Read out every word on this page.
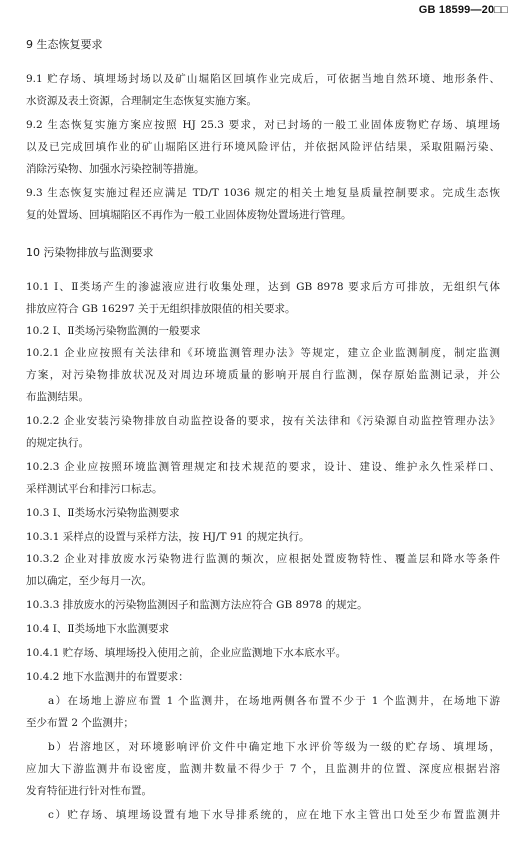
GB 18599—20□□
9 生态恢复要求
9.1 贮存场、填埋场封场以及矿山堀陷区回填作业完成后，可依据当地自然环境、地形条件、
水资源及表土资源，合理制定生态恢复实施方案。
9.2 生态恢复实施方案应按照 HJ 25.3 要求，对已封场的一般工业固体废物贮存场、填埋场
以及已完成回填作业的矿山堀陷区进行环境风险评估，并依据风险评估结果，采取阻隔污染、
消除污染物、加强水污染控制等措施。
9.3 生态恢复实施过程还应满足 TD/T 1036 规定的相关土地复垦质量控制要求。完成生态恢
复的处置场、回填堀陷区不再作为一般工业固体废物处置场进行管理。
10 污染物排放与监测要求
10.1 Ⅰ、Ⅱ类场产生的渗滤液应进行收集处理，达到 GB 8978 要求后方可排放，无组织气体
排放应符合 GB 16297 关于无组织排放限值的相关要求。
10.2 Ⅰ、Ⅱ类场污染物监测的一般要求
10.2.1 企业应按照有关法律和《环境监测管理办法》等规定，建立企业监测制度，制定监测
方案，对污染物排放状况及对周边环境质量的影响开展自行监测，保存原始监测记录，并公
布监测结果。
10.2.2 企业安装污染物排放自动监控设备的要求，按有关法律和《污染源自动监控管理办法》
的规定执行。
10.2.3 企业应按照环境监测管理规定和技术规范的要求，设计、建设、维护永久性采样口、
采样测试平台和排污口标志。
10.3 Ⅰ、Ⅱ类场水污染物监测要求
10.3.1 采样点的设置与采样方法，按 HJ/T 91 的规定执行。
10.3.2 企业对排放废水污染物进行监测的频次，应根据处置废物特性、覆盖层和降水等条件
加以确定，至少每月一次。
10.3.3 排放废水的污染物监测因子和监测方法应符合 GB 8978 的规定。
10.4 Ⅰ、Ⅱ类场地下水监测要求
10.4.1 贮存场、填埋场投入使用之前，企业应监测地下水本底水平。
10.4.2 地下水监测井的布置要求：
a）在场地上游应布置 1 个监测井，在场地两侧各布置不少于 1 个监测井，在场地下游
至少布置 2 个监测井；
b）岩溶地区，对环境影响评价文件中确定地下水评价等级为一级的贮存场、填埋场，
应加大下游监测井布设密度，监测井数量不得少于 7 个，且监测井的位置、深度应根据岩溶
发育特征进行针对性布置。
c）贮存场、填埋场设置有地下水导排系统的，应在地下水主管出口处至少布置监测井
